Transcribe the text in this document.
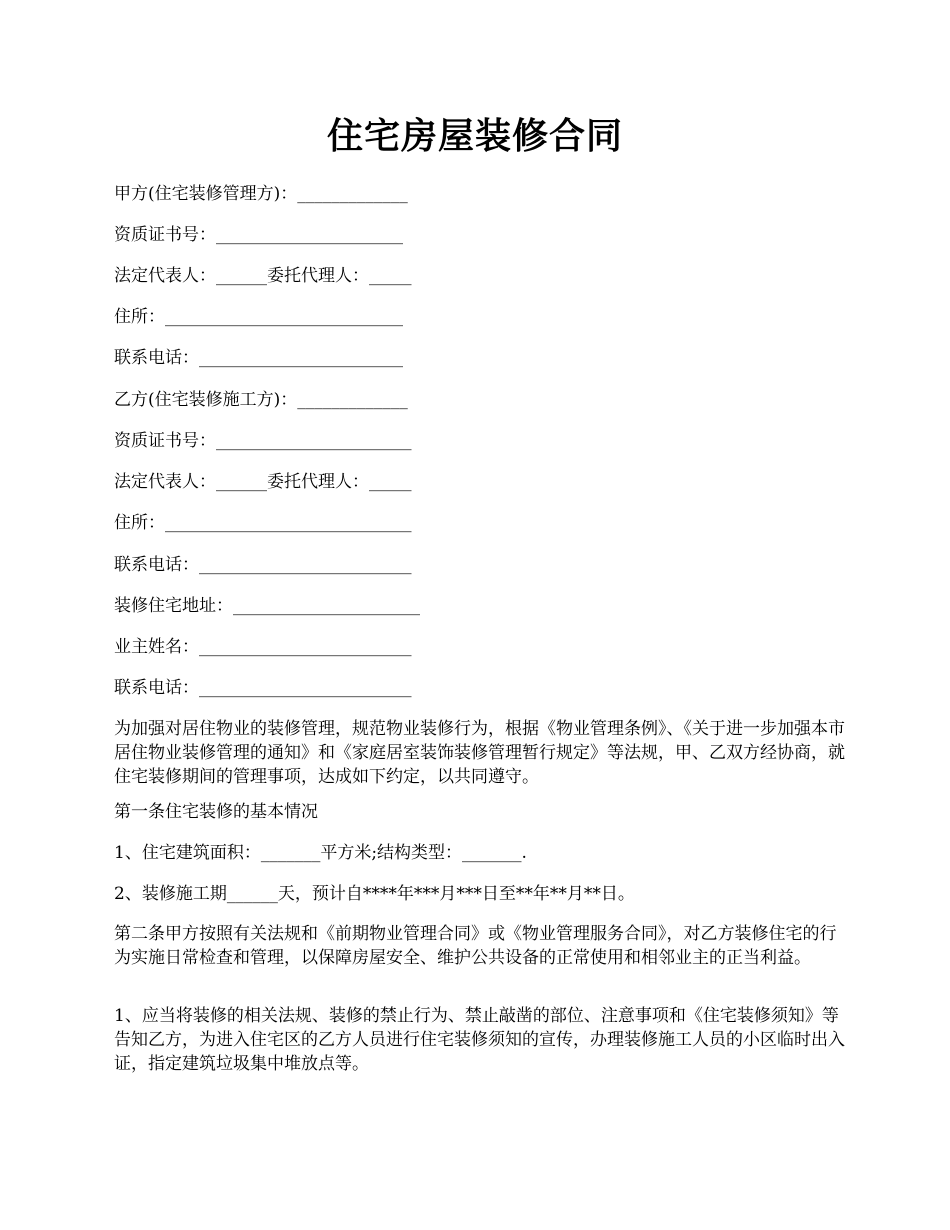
住宅房屋装修合同
甲方(住宅装修管理方)：_____________
资质证书号：______________________
法定代表人：______委托代理人：_____
住所：____________________________
联系电话：________________________
乙方(住宅装修施工方)：_____________
资质证书号：_______________________
法定代表人：______委托代理人：_____
住所：_____________________________
联系电话：_________________________
装修住宅地址：______________________
业主姓名：_________________________
联系电话：_________________________
为加强对居住物业的装修管理，规范物业装修行为，根据《物业管理条例》、《关于进一步加强本市居住物业装修管理的通知》和《家庭居室装饰装修管理暂行规定》等法规，甲、乙双方经协商，就住宅装修期间的管理事项，达成如下约定，以共同遵守。
第一条住宅装修的基本情况
1、住宅建筑面积：_______平方米;结构类型：_______.
2、装修施工期______天，预计自****年***月***日至**年**月**日。
第二条甲方按照有关法规和《前期物业管理合同》或《物业管理服务合同》，对乙方装修住宅的行为实施日常检查和管理，以保障房屋安全、维护公共设备的正常使用和相邻业主的正当利益。
1、应当将装修的相关法规、装修的禁止行为、禁止敲凿的部位、注意事项和《住宅装修须知》等告知乙方，为进入住宅区的乙方人员进行住宅装修须知的宣传，办理装修施工人员的小区临时出入证，指定建筑垃圾集中堆放点等。
